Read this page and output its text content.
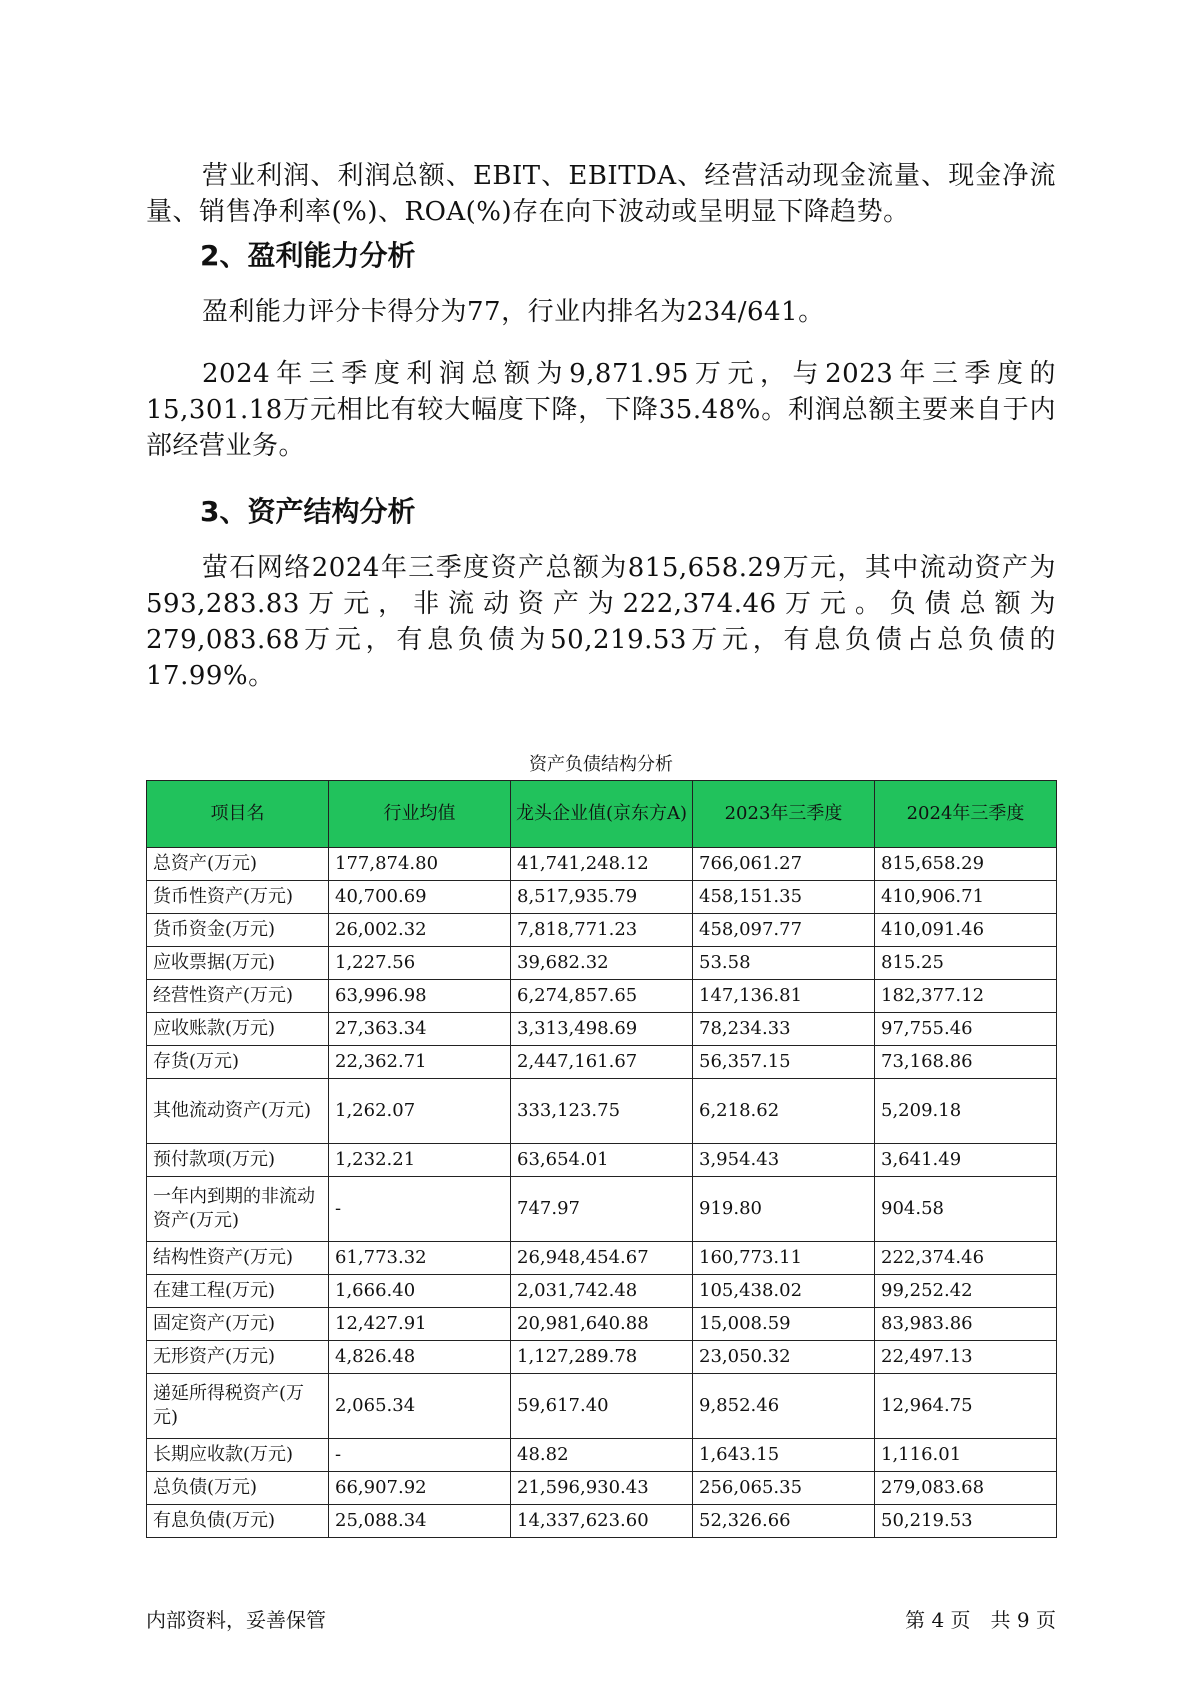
营业利润、利润总额、EBIT、EBITDA、经营活动现金流量、现金净流量、销售净利率(%)、ROA(%)存在向下波动或呈明显下降趋势。

2、盈利能力分析

盈利能力评分卡得分为77，行业内排名为234/641。

2024年三季度利润总额为9,871.95万元，与2023年三季度的15,301.18万元相比有较大幅度下降，下降35.48%。利润总额主要来自于内部经营业务。

3、资产结构分析

萤石网络2024年三季度资产总额为815,658.29万元，其中流动资产为593,283.83万元，非流动资产为222,374.46万元。负债总额为279,083.68万元，有息负债为50,219.53万元，有息负债占总负债的17.99%。

资产负债结构分析
项目名	行业均值	龙头企业值(京东方A)	2023年三季度	2024年三季度
总资产(万元)	177,874.80	41,741,248.12	766,061.27	815,658.29
货币性资产(万元)	40,700.69	8,517,935.79	458,151.35	410,906.71
货币资金(万元)	26,002.32	7,818,771.23	458,097.77	410,091.46
应收票据(万元)	1,227.56	39,682.32	53.58	815.25
经营性资产(万元)	63,996.98	6,274,857.65	147,136.81	182,377.12
应收账款(万元)	27,363.34	3,313,498.69	78,234.33	97,755.46
存货(万元)	22,362.71	2,447,161.67	56,357.15	73,168.86
其他流动资产(万元)	1,262.07	333,123.75	6,218.62	5,209.18
预付款项(万元)	1,232.21	63,654.01	3,954.43	3,641.49
一年内到期的非流动资产(万元)	-	747.97	919.80	904.58
结构性资产(万元)	61,773.32	26,948,454.67	160,773.11	222,374.46
在建工程(万元)	1,666.40	2,031,742.48	105,438.02	99,252.42
固定资产(万元)	12,427.91	20,981,640.88	15,008.59	83,983.86
无形资产(万元)	4,826.48	1,127,289.78	23,050.32	22,497.13
递延所得税资产(万元)	2,065.34	59,617.40	9,852.46	12,964.75
长期应收款(万元)	-	48.82	1,643.15	1,116.01
总负债(万元)	66,907.92	21,596,930.43	256,065.35	279,083.68
有息负债(万元)	25,088.34	14,337,623.60	52,326.66	50,219.53
内部资料，妥善保管	第 4 页　共 9 页
